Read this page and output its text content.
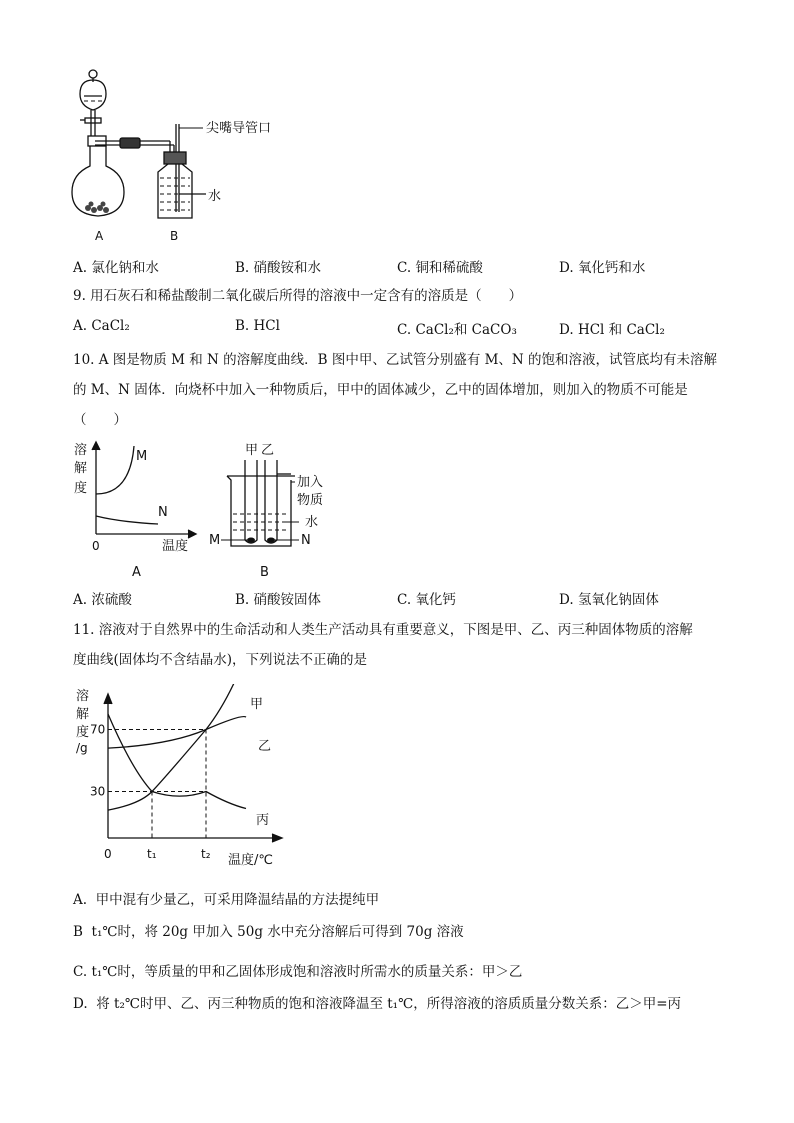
尖嘴导管口
水
A	B
A. 氯化钠和水	B. 硝酸铵和水	C. 铜和稀硫酸	D. 氧化钙和水
9. 用石灰石和稀盐酸制二氧化碳后所得的溶液中一定含有的溶质是（　　）
A. CaCl₂	B. HCl	C. CaCl₂和 CaCO₃	D. HCl 和 CaCl₂
10. A 图是物质 M 和 N 的溶解度曲线．B 图中甲、乙试管分别盛有 M、N 的饱和溶液，试管底均有未溶解
的 M、N 固体．向烧杯中加入一种物质后，甲中的固体减少，乙中的固体增加，则加入的物质不可能是
（　　）
溶
解
度
M
N
0	温度
A
甲 乙
加入
物质
水
M	N
B
A. 浓硫酸	B. 硝酸铵固体	C. 氧化钙	D. 氢氧化钠固体
11. 溶液对于自然界中的生命活动和人类生产活动具有重要意义，下图是甲、乙、丙三种固体物质的溶解
度曲线(固体均不含结晶水)，下列说法不正确的是
溶
解
度
/g
30
70
0	t₁	t₂ 温度/℃
甲
乙
丙
A. 甲中混有少量乙，可采用降温结晶的方法提纯甲
B t₁℃时，将 20g 甲加入 50g 水中充分溶解后可得到 70g 溶液
C. t₁℃时，等质量的甲和乙固体形成饱和溶液时所需水的质量关系：甲＞乙
D. 将 t₂℃时甲、乙、丙三种物质的饱和溶液降温至 t₁℃，所得溶液的溶质质量分数关系：乙＞甲=丙
